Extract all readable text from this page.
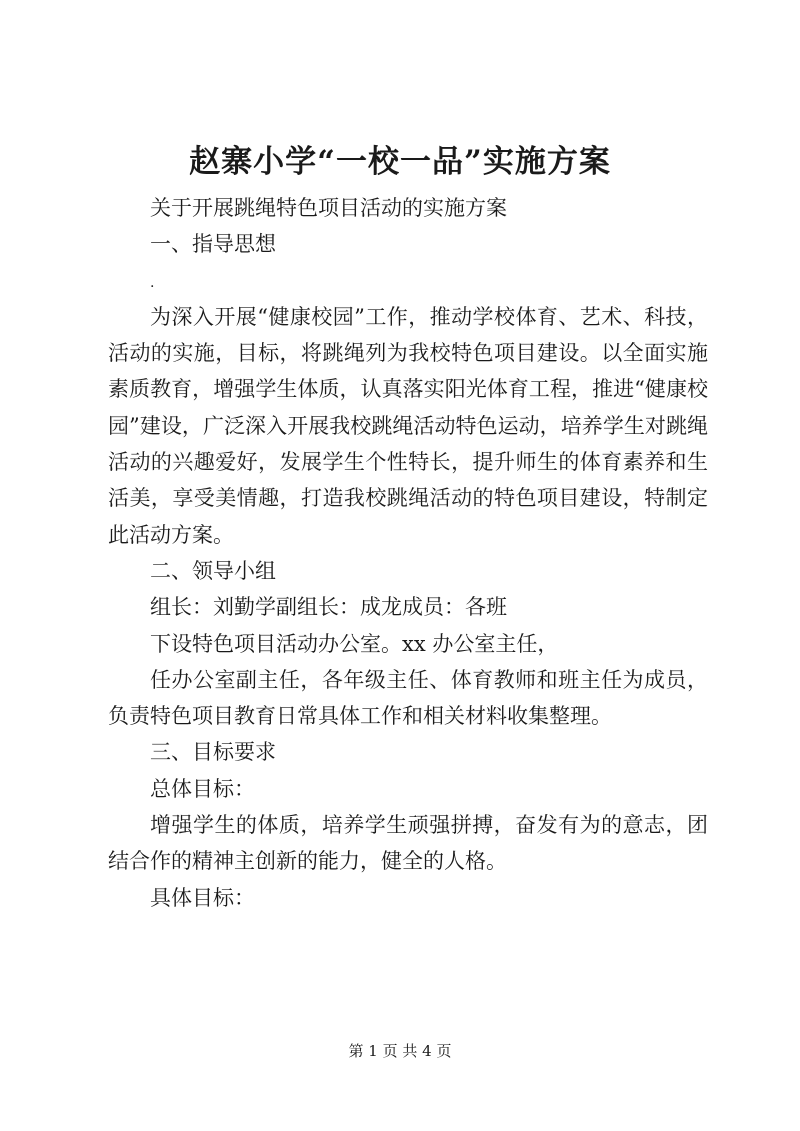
赵寨小学“一校一品”实施方案

关于开展跳绳特色项目活动的实施方案

一、指导思想

.

为深入开展“健康校园”工作，推动学校体育、艺术、科技，活动的实施，目标，将跳绳列为我校特色项目建设。以全面实施素质教育，增强学生体质，认真落实阳光体育工程，推进“健康校园”建设，广泛深入开展我校跳绳活动特色运动，培养学生对跳绳活动的兴趣爱好，发展学生个性特长，提升师生的体育素养和生活美，享受美情趣，打造我校跳绳活动的特色项目建设，特制定此活动方案。

二、领导小组

组长：刘勤学副组长：成龙成员：各班

下设特色项目活动办公室。xx 办公室主任，

任办公室副主任，各年级主任、体育教师和班主任为成员，负责特色项目教育日常具体工作和相关材料收集整理。

三、目标要求

总体目标：

增强学生的体质，培养学生顽强拼搏，奋发有为的意志，团结合作的精神主创新的能力，健全的人格。

具体目标：

第 1 页 共 4 页
